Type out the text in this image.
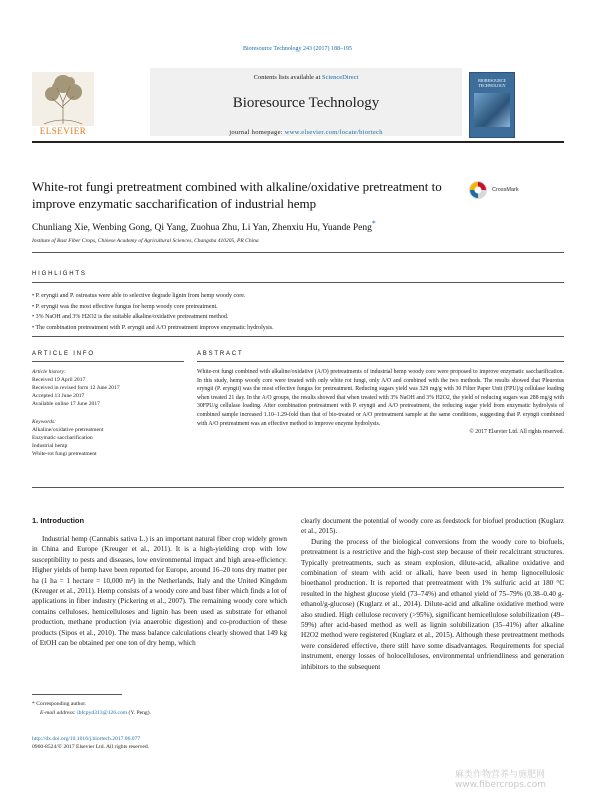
Bioresource Technology 243 (2017) 188–195
Contents lists available at ScienceDirect
Bioresource Technology
journal homepage: www.elsevier.com/locate/biortech
ELSEVIER
BIORESOURCE TECHNOLOGY
White-rot fungi pretreatment combined with alkaline/oxidative pretreatment to improve enzymatic saccharification of industrial hemp
CrossMark
Chunliang Xie, Wenbing Gong, Qi Yang, Zuohua Zhu, Li Yan, Zhenxiu Hu, Yuande Peng*
Institute of Bast Fiber Crops, Chinese Academy of Agricultural Sciences, Changsha 410205, PR China
HIGHLIGHTS
• P. eryngii and P. ostreatus were able to selective degrade lignin from hemp woody core.
• P. eryngii was the most effective fungus for hemp woody core pretreatment.
• 3% NaOH and 3% H2O2 is the suitable alkaline/oxidative pretreatment method.
• The combination pretreatment with P. eryngii and A/O pretreatment improve enzymatic hydrolysis.
ARTICLE INFO
Article history:
Received 19 April 2017
Received in revised form 12 June 2017
Accepted 13 June 2017
Available online 17 June 2017
Keywords:
Alkaline/oxidative pretreatment
Enzymatic saccharification
Industrial hemp
White-rot fungi pretreatment
ABSTRACT

White-rot fungi combined with alkaline/oxidative (A/O) pretreatments of industrial hemp woody core were proposed to improve enzymatic saccharification. In this study, hemp woody core were treated with only white rot fungi, only A/O and combined with the two methods. The results showed that Pleurotus eryngii (P. eryngii) was the most effective fungus for pretreatment. Reducing sugars yield was 329 mg/g with 30 Filter Paper Unit (FPU)/g cellulase loading when treated 21 day. In the A/O groups, the results showed that when treated with 3% NaOH and 3% H2O2, the yield of reducing sugars was 288 mg/g with 30FPU/g cellulase loading. After combination pretreatment with P. eryngii and A/O pretreatment, the reducing sugar yield from enzymatic hydrolysis of combined sample increased 1.10–1.29-fold than that of bio-treated or A/O pretreatment sample at the same conditions, suggesting that P. eryngii combined with A/O pretreatment was an effective method to improve enzyme hydrolysis.

© 2017 Elsevier Ltd. All rights reserved.

1. Introduction

Industrial hemp (Cannabis sativa L.) is an important natural fiber crop widely grown in China and Europe (Kreuger et al., 2011). It is a high-yielding crop with low susceptibility to pests and diseases, low environmental impact and high area-efficiency. Higher yields of hemp have been reported for Europe, around 16–20 tons dry matter per ha (1 ha = 1 hectare = 10,000 m²) in the Netherlands, Italy and the United Kingdom (Kreuger et al., 2011). Hemp consists of a woody core and bast fiber which finds a lot of applications in fiber industry (Pickering et al., 2007). The remaining woody core which contains celluloses, hemicelluloses and lignin has been used as substrate for ethanol production, methane production (via anaerobic digestion) and co-production of these products (Sipos et al., 2010). The mass balance calculations clearly showed that 149 kg of EtOH can be obtained per one ton of dry hemp, which

clearly document the potential of woody core as feedstock for biofuel production (Kuglarz et al., 2015).

During the process of the biological conversions from the woody core to biofuels, pretreatment is a restrictive and the high-cost step because of their recalcitrant structures. Typically pretreatments, such as steam explosion, dilute-acid, alkaline oxidative and combination of steam with acid or alkali, have been used in hemp lignocellulosic bioethanol production. It is reported that pretreatment with 1% sulfuric acid at 180 °C resulted in the highest glucose yield (73–74%) and ethanol yield of 75–79% (0.38–0.40 g-ethanol/g-glucose) (Kuglarz et al., 2014). Dilute-acid and alkaline oxidative method were also studied. High cellulose recovery (>95%), significant hemicellulose solubilization (49–59%) after acid-based method as well as lignin solubilization (35–41%) after alkaline H2O2 method were registered (Kuglarz et al., 2015). Although these pretreatment methods were considered effective, there still have some disadvantages. Requirements for special instrument, energy losses of holocelluloses, environmental unfriendliness and generation inhibitors to the subsequent

* Corresponding author.
E-mail address: ibfcpyd313@126.com (Y. Peng).
http://dx.doi.org/10.1016/j.biortech.2017.06.077
0960-8524/© 2017 Elsevier Ltd. All rights reserved.
麻类作物营养与施肥网 www.fibercrops.com
